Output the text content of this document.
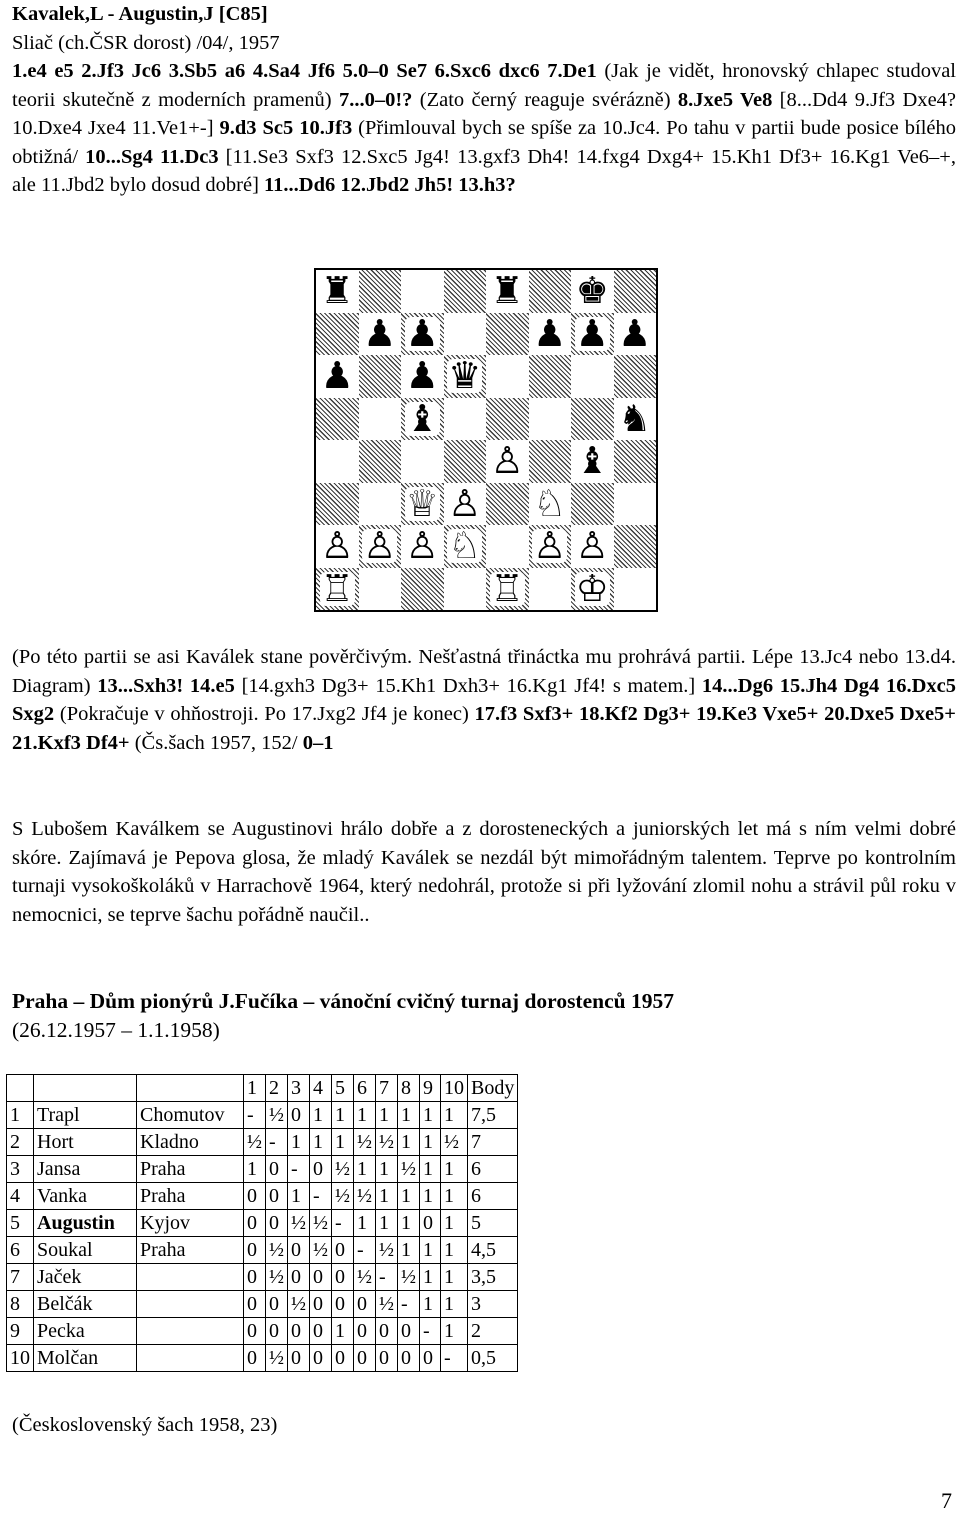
Kavalek,L - Augustin,J [C85]
Sliač (ch.ČSR dorost) /04/, 1957
1.e4 e5 2.Jf3 Jc6 3.Sb5 a6 4.Sa4 Jf6 5.0–0 Se7 6.Sxc6 dxc6 7.De1 (Jak je vidět, hronovský chlapec studoval teorii skutečně z moderních pramenů) 7...0–0!? (Zato černý reaguje svérázně) 8.Jxe5 Ve8 [8...Dd4 9.Jf3 Dxe4? 10.Dxe4 Jxe4 11.Ve1+-] 9.d3 Sc5 10.Jf3 (Přimlouval bych se spíše za 10.Jc4. Po tahu v partii bude posice bílého obtižná/ 10...Sg4 11.Dc3 [11.Se3 Sxf3 12.Sxc5 Jg4! 13.gxf3 Dh4! 14.fxg4 Dxg4+ 15.Kh1 Df3+ 16.Kg1 Ve6–+, ale 11.Jbd2 bylo dosud dobré] 11...Dd6 12.Jbd2 Jh5! 13.h3?
♜	♜ ♚
♟ ♟	♟ ♟ ♟
♟ ♟ ♛
♝	♞
♙ ♝
♕ ♙ ♘
♙ ♙ ♙ ♘ ♙ ♙
♖	♖ ♔
(Po této partii se asi Kaválek stane pověrčivým. Nešťastná třináctka mu prohrává partii. Lépe 13.Jc4 nebo 13.d4. Diagram) 13...Sxh3! 14.e5 [14.gxh3 Dg3+ 15.Kh1 Dxh3+ 16.Kg1 Jf4! s matem.] 14...Dg6 15.Jh4 Dg4 16.Dxc5 Sxg2 (Pokračuje v ohňostroji. Po 17.Jxg2 Jf4 je konec) 17.f3 Sxf3+ 18.Kf2 Dg3+ 19.Ke3 Vxe5+ 20.Dxe5 Dxe5+ 21.Kxf3 Df4+ (Čs.šach 1957, 152/ 0–1
S Lubošem Kaválkem se Augustinovi hrálo dobře a z dorosteneckých a juniorských let má s ním velmi dobré skóre. Zajímavá je Pepova glosa, že mladý Kaválek se nezdál být mimořádným talentem. Teprve po kontrolním turnaji vysokoškoláků v Harrachově 1964, který nedohrál, protože si při lyžování zlomil nohu a strávil půl roku v nemocnici, se teprve šachu pořádně naučil..
Praha – Dům pionýrů J.Fučíka – vánoční cvičný turnaj dorostenců 1957
(26.12.1957 – 1.1.1958)
			1	2	3	4	5	6	7	8	9	10	Body
1	Trapl	Chomutov	-	½	0	1	1	1	1	1	1	1	7,5
2	Hort	Kladno	½	-	1	1	1	½	½	1	1	½	7
3	Jansa	Praha	1	0	-	0	½	1	1	½	1	1	6
4	Vanka	Praha	0	0	1	-	½	½	1	1	1	1	6
5	Augustin	Kyjov	0	0	½	½	-	1	1	1	0	1	5
6	Soukal	Praha	0	½	0	½	0	-	½	1	1	1	4,5
7	Jaček		0	½	0	0	0	½	-	½	1	1	3,5
8	Belčák		0	0	½	0	0	0	½	-	1	1	3
9	Pecka		0	0	0	0	1	0	0	0	-	1	2
10	Molčan		0	½	0	0	0	0	0	0	0	-	0,5
(Československý šach 1958, 23)
7
